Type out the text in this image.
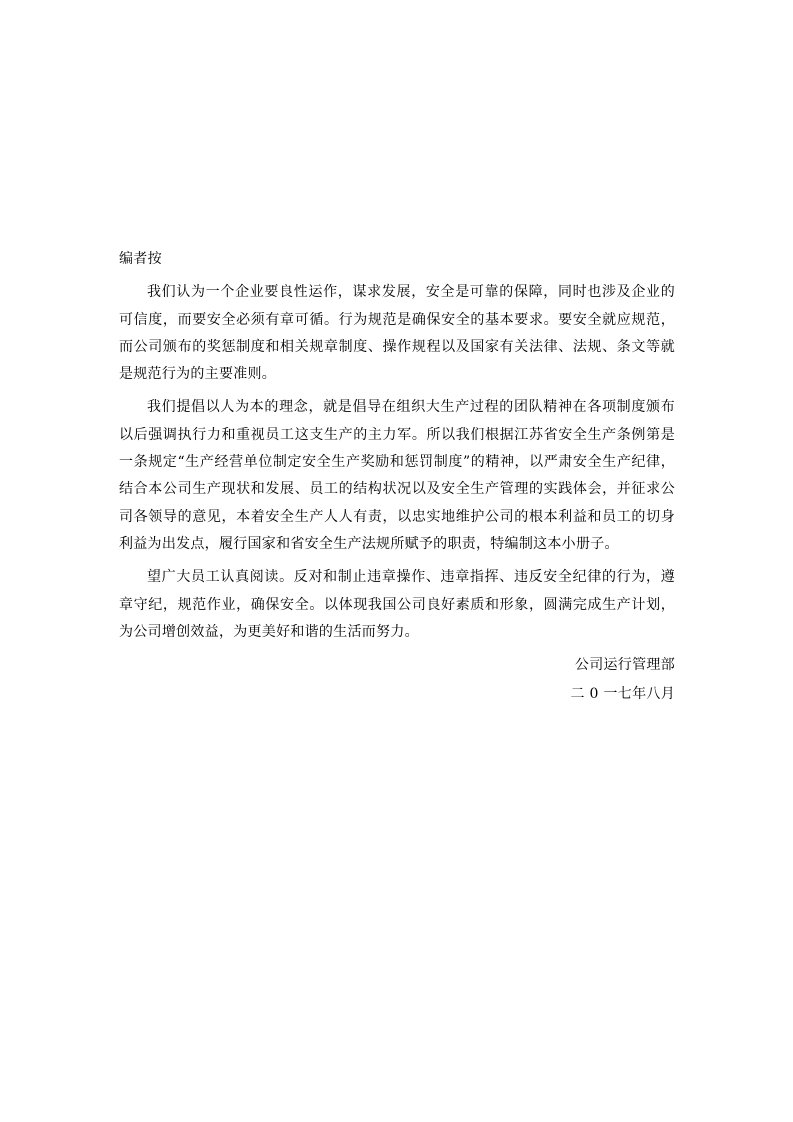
编者按

我们认为一个企业要良性运作，谋求发展，安全是可靠的保障，同时也涉及企业的可信度，而要安全必须有章可循。行为规范是确保安全的基本要求。要安全就应规范，而公司颁布的奖惩制度和相关规章制度、操作规程以及国家有关法律、法规、条文等就是规范行为的主要准则。

我们提倡以人为本的理念，就是倡导在组织大生产过程的团队精神在各项制度颁布以后强调执行力和重视员工这支生产的主力军。所以我们根据江苏省安全生产条例第是一条规定“生产经营单位制定安全生产奖励和惩罚制度”的精神，以严肃安全生产纪律，结合本公司生产现状和发展、员工的结构状况以及安全生产管理的实践体会，并征求公司各领导的意见，本着安全生产人人有责，以忠实地维护公司的根本利益和员工的切身利益为出发点，履行国家和省安全生产法规所赋予的职责，特编制这本小册子。

望广大员工认真阅读。反对和制止违章操作、违章指挥、违反安全纪律的行为，遵章守纪，规范作业，确保安全。以体现我国公司良好素质和形象，圆满完成生产计划，为公司增创效益，为更美好和谐的生活而努力。

公司运行管理部

二 0 一七年八月
